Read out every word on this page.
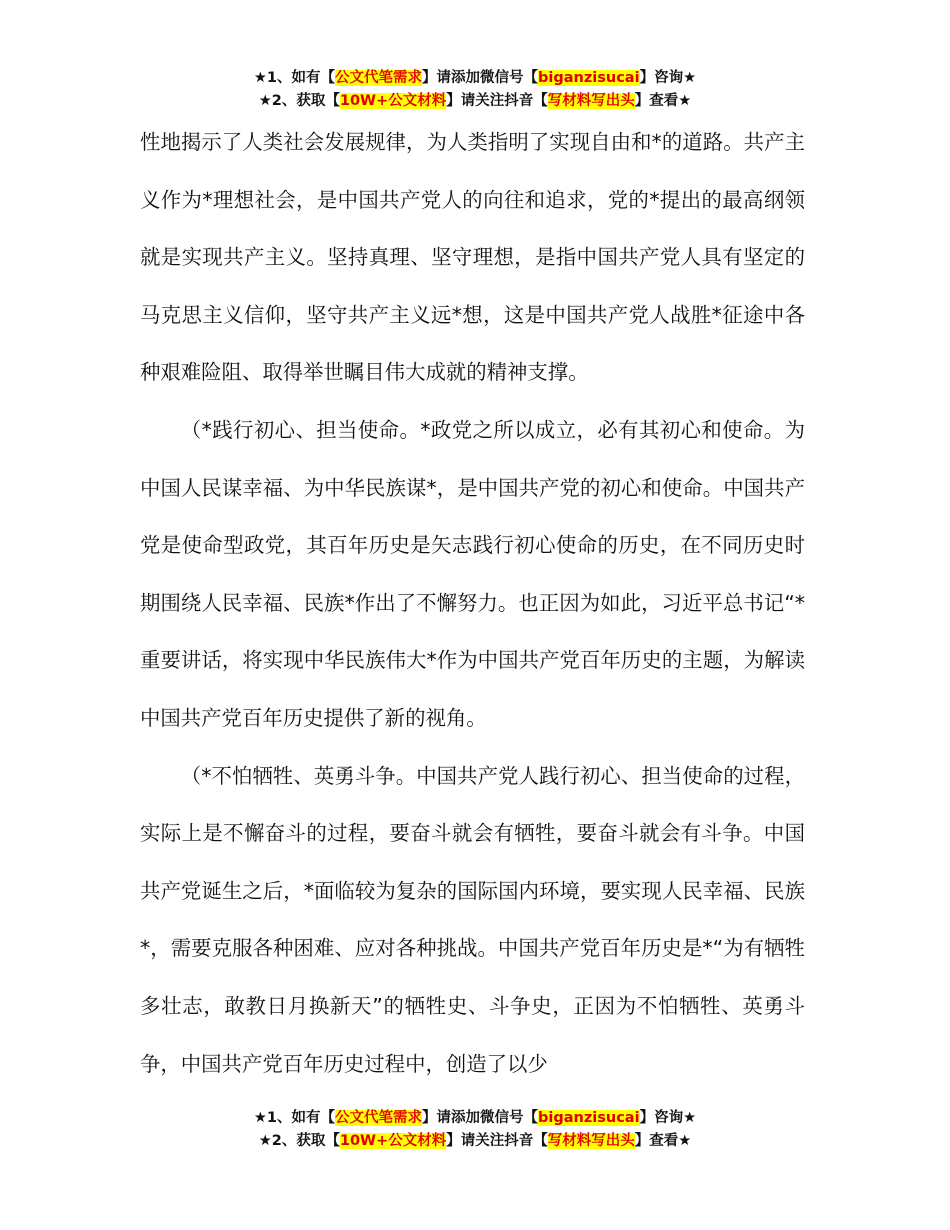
★1、如有【公文代笔需求】请添加微信号【biganzisucai】咨询★
★2、获取【10W+公文材料】请关注抖音【写材料写出头】查看★

性地揭示了人类社会发展规律，为人类指明了实现自由和*的道路。共产主义作为*理想社会，是中国共产党人的向往和追求，党的*提出的最高纲领就是实现共产主义。坚持真理、坚守理想，是指中国共产党人具有坚定的马克思主义信仰，坚守共产主义远*想，这是中国共产党人战胜*征途中各种艰难险阻、取得举世瞩目伟大成就的精神支撑。

（*践行初心、担当使命。*政党之所以成立，必有其初心和使命。为中国人民谋幸福、为中华民族谋*，是中国共产党的初心和使命。中国共产党是使命型政党，其百年历史是矢志践行初心使命的历史，在不同历史时期围绕人民幸福、民族*作出了不懈努力。也正因为如此，习近平总书记“*重要讲话，将实现中华民族伟大*作为中国共产党百年历史的主题，为解读中国共产党百年历史提供了新的视角。

（*不怕牺牲、英勇斗争。中国共产党人践行初心、担当使命的过程，实际上是不懈奋斗的过程，要奋斗就会有牺牲，要奋斗就会有斗争。中国共产党诞生之后，*面临较为复杂的国际国内环境，要实现人民幸福、民族*，需要克服各种困难、应对各种挑战。中国共产党百年历史是*“为有牺牲多壮志，敢教日月换新天”的牺牲史、斗争史，正因为不怕牺牲、英勇斗争，中国共产党百年历史过程中，创造了以少

★1、如有【公文代笔需求】请添加微信号【biganzisucai】咨询★
★2、获取【10W+公文材料】请关注抖音【写材料写出头】查看★
